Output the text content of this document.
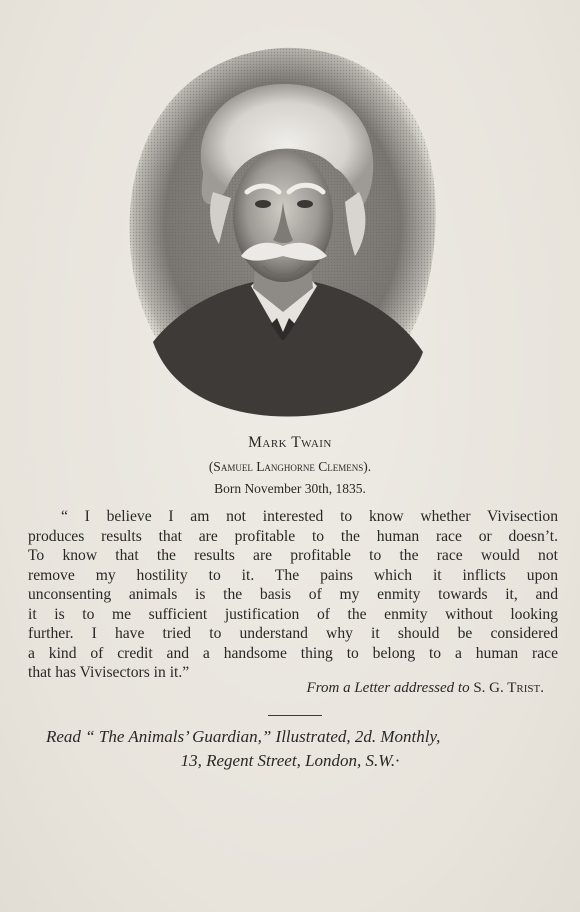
Mark Twain
(Samuel Langhorne Clemens).
Born November 30th, 1835.
“ I believe I am not interested to know whether Vivisection
produces results that are profitable to the human race or doesn’t.
To know that the results are profitable to the race would not
remove my hostility to it. The pains which it inflicts upon
unconsenting animals is the basis of my enmity towards it, and
it is to me sufficient justification of the enmity without looking
further. I have tried to understand why it should be considered
a kind of credit and a handsome thing to belong to a human race
that has Vivisectors in it.”
From a Letter addressed to S. G. Trist.
Read “ The Animals’ Guardian,” Illustrated, 2d. Monthly,
13, Regent Street, London, S.W.·
